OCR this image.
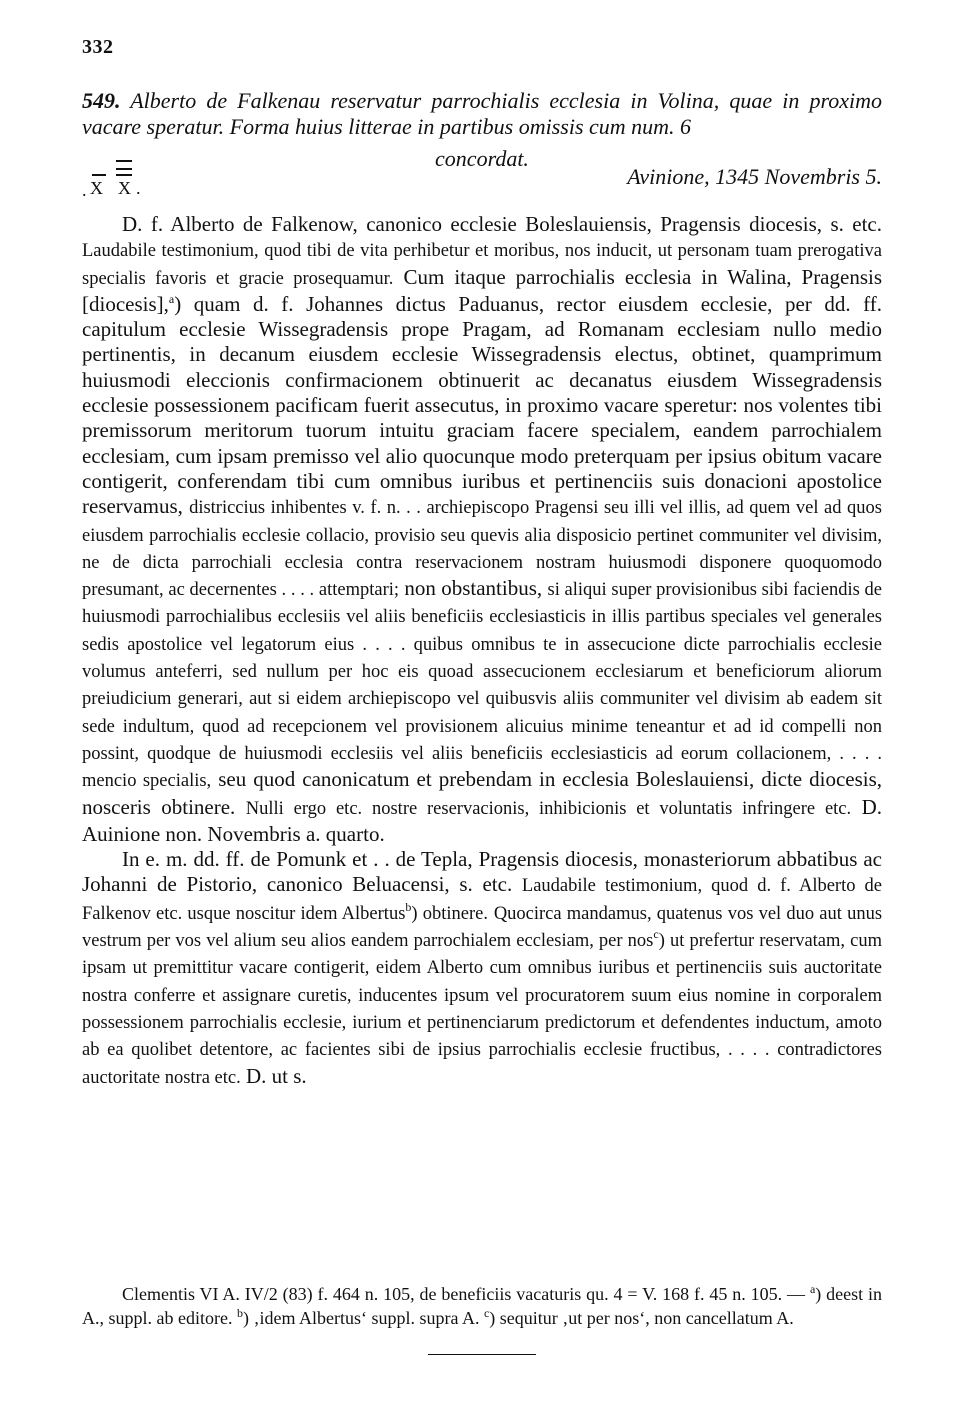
332
549. Alberto de Falkenau reservatur parrochialis ecclesia in Volina, quae in proximo vacare speratur. Forma huius litterae in partibus omissis cum num. 6
concordat.
. X X .	Avinione, 1345 Novembris 5.

D. f. Alberto de Falkenow, canonico ecclesie Boleslauiensis, Pragensis diocesis, s. etc. Laudabile testimonium, quod tibi de vita perhibetur et moribus, nos inducit, ut personam tuam prerogativa specialis favoris et gracie prosequamur. Cum itaque parrochialis ecclesia in Walina, Pragensis [diocesis],$^a$) quam d. f. Johannes dictus Paduanus, rector eiusdem ecclesie, per dd. ff. capitulum ecclesie Wissegradensis prope Pragam, ad Romanam ecclesiam nullo medio pertinentis, in decanum eiusdem ecclesie Wissegradensis electus, obtinet, quamprimum huiusmodi eleccionis confirmacionem obtinuerit ac decanatus eiusdem Wissegradensis ecclesie possessionem pacificam fuerit assecutus, in proximo vacare speretur: nos volentes tibi premissorum meritorum tuorum intuitu graciam facere specialem, eandem parrochialem ecclesiam, cum ipsam premisso vel alio quocunque modo preterquam per ipsius obitum vacare contigerit, conferendam tibi cum omnibus iuribus et pertinenciis suis donacioni apostolice reservamus, districcius inhibentes v. f. n. . . archiepiscopo Pragensi seu illi vel illis, ad quem vel ad quos eiusdem parrochialis ecclesie collacio, provisio seu quevis alia disposicio pertinet communiter vel divisim, ne de dicta parrochiali ecclesia contra reservacionem nostram huiusmodi disponere quoquomodo presumant, ac decernentes . . . . attemptari; non obstantibus, si aliqui super provisionibus sibi faciendis de huiusmodi parrochialibus ecclesiis vel aliis beneficiis ecclesiasticis in illis partibus speciales vel generales sedis apostolice vel legatorum eius . . . . quibus omnibus te in assecucione dicte parrochialis ecclesie volumus anteferri, sed nullum per hoc eis quoad assecucionem ecclesiarum et beneficiorum aliorum preiudicium generari, aut si eidem archiepiscopo vel quibusvis aliis communiter vel divisim ab eadem sit sede indultum, quod ad recepcionem vel provisionem alicuius minime teneantur et ad id compelli non possint, quodque de huiusmodi ecclesiis vel aliis beneficiis ecclesiasticis ad eorum collacionem, . . . . mencio specialis, seu quod canonicatum et prebendam in ecclesia Boleslauiensi, dicte diocesis, nosceris obtinere. Nulli ergo etc. nostre reservacionis, inhibicionis et voluntatis infringere etc. D. Auinione non. Novembris a. quarto.

In e. m. dd. ff. de Pomunk et . . de Tepla, Pragensis diocesis, monasteriorum abbatibus ac Johanni de Pistorio, canonico Beluacensi, s. etc. Laudabile testimonium, quod d. f. Alberto de Falkenov etc. usque noscitur idem Albertus$^b$) obtinere. Quocirca mandamus, quatenus vos vel duo aut unus vestrum per vos vel alium seu alios eandem parrochialem ecclesiam, per nos$^c$) ut prefertur reservatam, cum ipsam ut premittitur vacare contigerit, eidem Alberto cum omnibus iuribus et pertinenciis suis auctoritate nostra conferre et assignare curetis, inducentes ipsum vel procuratorem suum eius nomine in corporalem possessionem parrochialis ecclesie, iurium et pertinenciarum predictorum et defendentes inductum, amoto ab ea quolibet detentore, ac facientes sibi de ipsius parrochialis ecclesie fructibus, . . . . contradictores auctoritate nostra etc. D. ut s.

Clementis VI A. IV/2 (83) f. 464 n. 105, de beneficiis vacaturis qu. 4 = V. 168 f. 45 n. 105. — $^a$) deest in A., suppl. ab editore. $^b$) ‚idem Albertus‘ suppl. supra A. $^c$) sequitur ‚ut per nos‘, non cancellatum A.
